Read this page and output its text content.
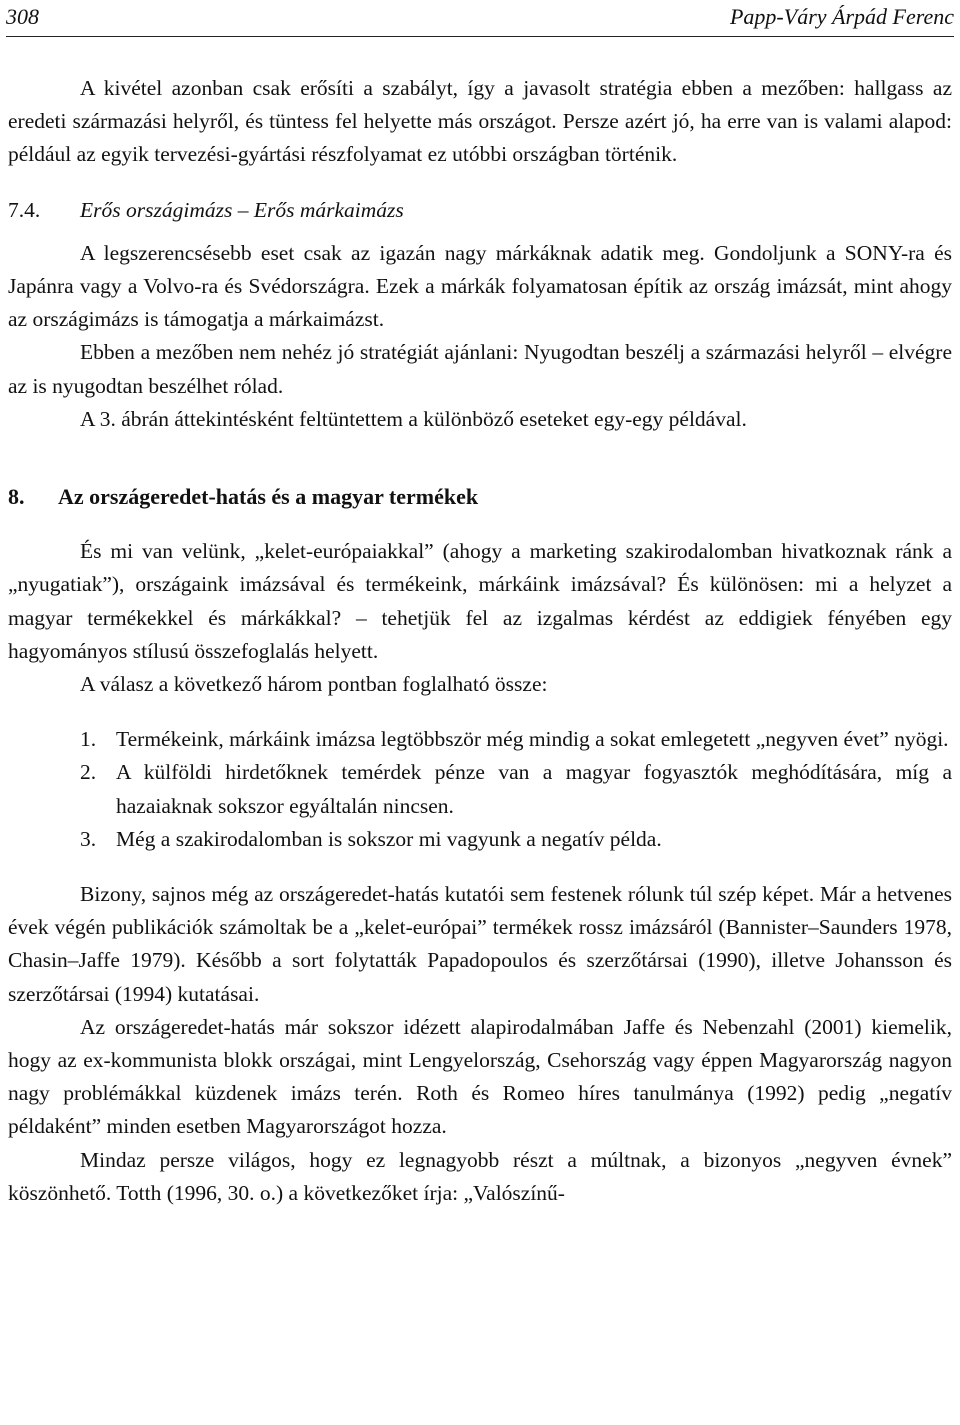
308	Papp-Váry Árpád Ferenc

A kivétel azonban csak erősíti a szabályt, így a javasolt stratégia ebben a mezőben: hallgass az eredeti származási helyről, és tüntess fel helyette más országot. Persze azért jó, ha erre van is valami alapod: például az egyik tervezési-gyártási részfolyamat ez utóbbi országban történik.

7.4. Erős országimázs – Erős márkaimázs

A legszerencsésebb eset csak az igazán nagy márkáknak adatik meg. Gondoljunk a SONY-ra és Japánra vagy a Volvo-ra és Svédországra. Ezek a márkák folyamatosan építik az ország imázsát, mint ahogy az országimázs is támogatja a márkaimázst.

Ebben a mezőben nem nehéz jó stratégiát ajánlani: Nyugodtan beszélj a származási helyről – elvégre az is nyugodtan beszélhet rólad.

A 3. ábrán áttekintésként feltüntettem a különböző eseteket egy-egy példával.

8. Az országeredet-hatás és a magyar termékek

És mi van velünk, „kelet-európaiakkal” (ahogy a marketing szakirodalomban hivatkoznak ránk a „nyugatiak”), országaink imázsával és termékeink, márkáink imázsával? És különösen: mi a helyzet a magyar termékekkel és márkákkal? – tehetjük fel az izgalmas kérdést az eddigiek fényében egy hagyományos stílusú összefoglalás helyett.

A válasz a következő három pontban foglalható össze:

1. Termékeink, márkáink imázsa legtöbbször még mindig a sokat emlegetett „negyven évet” nyögi.
2. A külföldi hirdetőknek temérdek pénze van a magyar fogyasztók meghódítására, míg a hazaiaknak sokszor egyáltalán nincsen.
3. Még a szakirodalomban is sokszor mi vagyunk a negatív példa.

Bizony, sajnos még az országeredet-hatás kutatói sem festenek rólunk túl szép képet. Már a hetvenes évek végén publikációk számoltak be a „kelet-európai” termékek rossz imázsáról (Bannister–Saunders 1978, Chasin–Jaffe 1979). Később a sort folytatták Papadopoulos és szerzőtársai (1990), illetve Johansson és szerzőtársai (1994) kutatásai.

Az országeredet-hatás már sokszor idézett alapirodalmában Jaffe és Nebenzahl (2001) kiemelik, hogy az ex-kommunista blokk országai, mint Lengyelország, Csehország vagy éppen Magyarország nagyon nagy problémákkal küzdenek imázs terén. Roth és Romeo híres tanulmánya (1992) pedig „negatív példaként” minden esetben Magyarországot hozza.

Mindaz persze világos, hogy ez legnagyobb részt a múltnak, a bizonyos „negyven évnek” köszönhető. Totth (1996, 30. o.) a következőket írja: „Valószínű-
